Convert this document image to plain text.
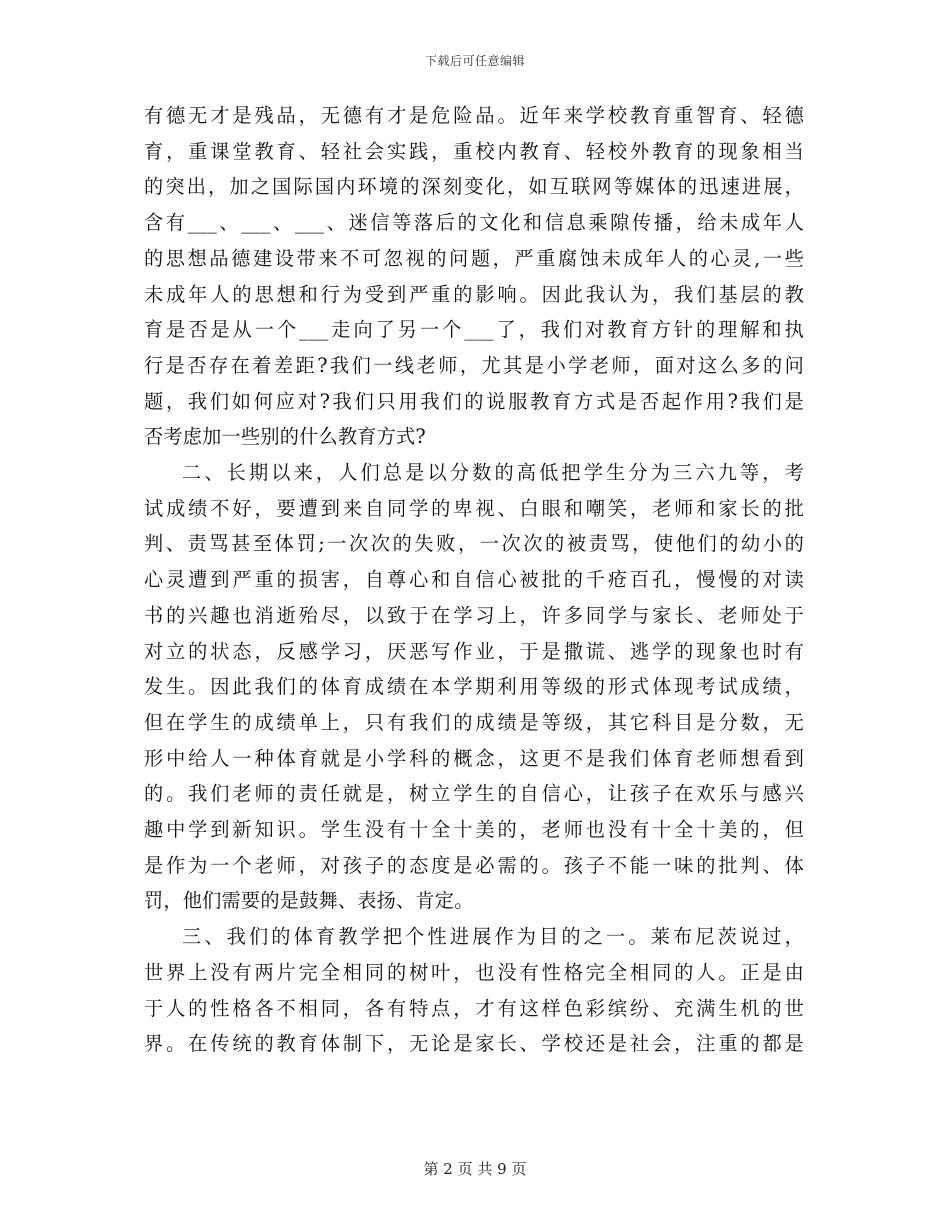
下载后可任意编辑

有德无才是残品，无德有才是危险品。近年来学校教育重智育、轻德
育，重课堂教育、轻社会实践，重校内教育、轻校外教育的现象相当
的突出，加之国际国内环境的深刻变化，如互联网等媒体的迅速进展，
含有___、___、___、迷信等落后的文化和信息乘隙传播，给未成年人
的思想品德建设带来不可忽视的问题，严重腐蚀未成年人的心灵,一些
未成年人的思想和行为受到严重的影响。因此我认为，我们基层的教
育是否是从一个___走向了另一个___了，我们对教育方针的理解和执
行是否存在着差距?我们一线老师，尤其是小学老师，面对这么多的问
题，我们如何应对?我们只用我们的说服教育方式是否起作用?我们是
否考虑加一些别的什么教育方式?

二、长期以来，人们总是以分数的高低把学生分为三六九等，考
试成绩不好，要遭到来自同学的卑视、白眼和嘲笑，老师和家长的批
判、责骂甚至体罚;一次次的失败，一次次的被责骂，使他们的幼小的
心灵遭到严重的损害，自尊心和自信心被批的千疮百孔，慢慢的对读
书的兴趣也消逝殆尽，以致于在学习上，许多同学与家长、老师处于
对立的状态，反感学习，厌恶写作业，于是撒谎、逃学的现象也时有
发生。因此我们的体育成绩在本学期利用等级的形式体现考试成绩，
但在学生的成绩单上，只有我们的成绩是等级，其它科目是分数，无
形中给人一种体育就是小学科的概念，这更不是我们体育老师想看到
的。我们老师的责任就是，树立学生的自信心，让孩子在欢乐与感兴
趣中学到新知识。学生没有十全十美的，老师也没有十全十美的，但
是作为一个老师，对孩子的态度是必需的。孩子不能一味的批判、体
罚，他们需要的是鼓舞、表扬、肯定。

三、我们的体育教学把个性进展作为目的之一。莱布尼茨说过，
世界上没有两片完全相同的树叶，也没有性格完全相同的人。正是由
于人的性格各不相同，各有特点，才有这样色彩缤纷、充满生机的世
界。在传统的教育体制下，无论是家长、学校还是社会，注重的都是

第 2 页 共 9 页
